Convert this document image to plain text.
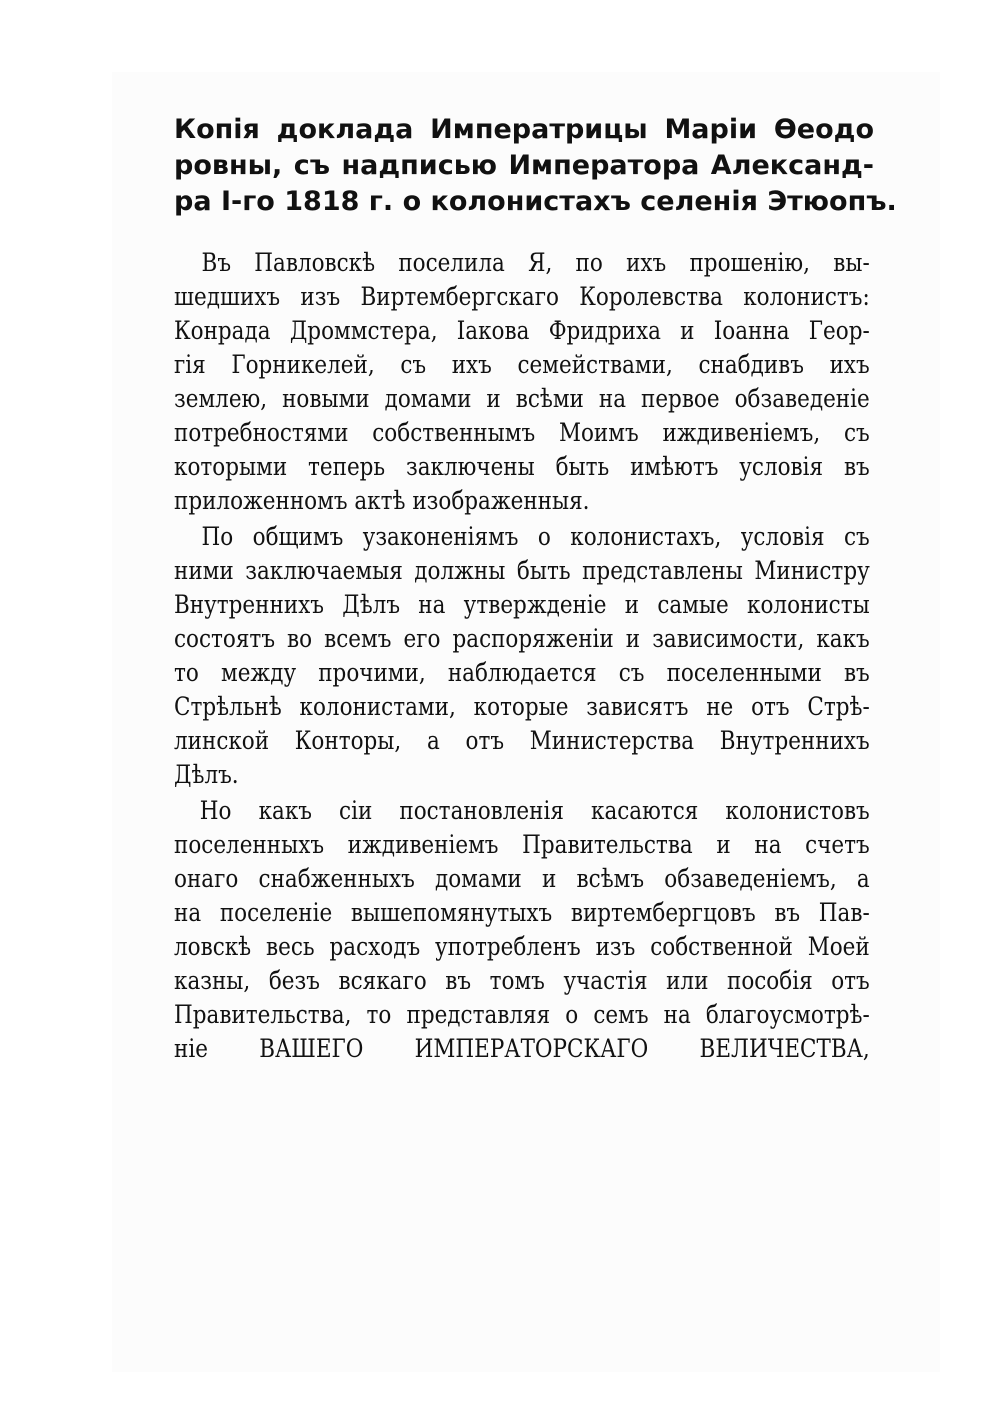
Копія доклада Императрицы Маріи Өеодо
ровны, съ надписью Императора Александ-
ра I-го 1818 г. о колонистахъ селенія Этюопъ.
Въ Павловскѣ поселила Я, по ихъ прошенію, вы-
шедшихъ изъ Виртембергскаго Королевства колонистъ:
Конрада Дроммстера, Іакова Фридриха и Іоанна Геор-
гія Горникелей, съ ихъ семействами, снабдивъ ихъ
землею, новыми домами и всѣми на первое обзаведеніе
потребностями собственнымъ Моимъ иждивеніемъ, съ
которыми теперь заключены быть имѣютъ условія въ
приложенномъ актѣ изображенныя.
По общимъ узаконеніямъ о колонистахъ, условія съ
ними заключаемыя должны быть представлены Министру
Внутреннихъ Дѣлъ на утвержденіе и самые колонисты
состоятъ во всемъ его распоряженіи и зависимости, какъ
то между прочими, наблюдается съ поселенными въ
Стрѣльнѣ колонистами, которые зависятъ не отъ Стрѣ-
линской Конторы, а отъ Министерства Внутреннихъ
Дѣлъ.
Но какъ сіи постановленія касаются колонистовъ
поселенныхъ иждивеніемъ Правительства и на счетъ
онаго снабженныхъ домами и всѣмъ обзаведеніемъ, а
на поселеніе вышепомянутыхъ виртембергцовъ въ Пав-
ловскѣ весь расходъ употребленъ изъ собственной Моей
казны, безъ всякаго въ томъ участія или пособія отъ
Правительства, то представляя о семъ на благоусмотрѣ-
ніе ВАШЕГО ИМПЕРАТОРСКАГО ВЕЛИЧЕСТВА,
